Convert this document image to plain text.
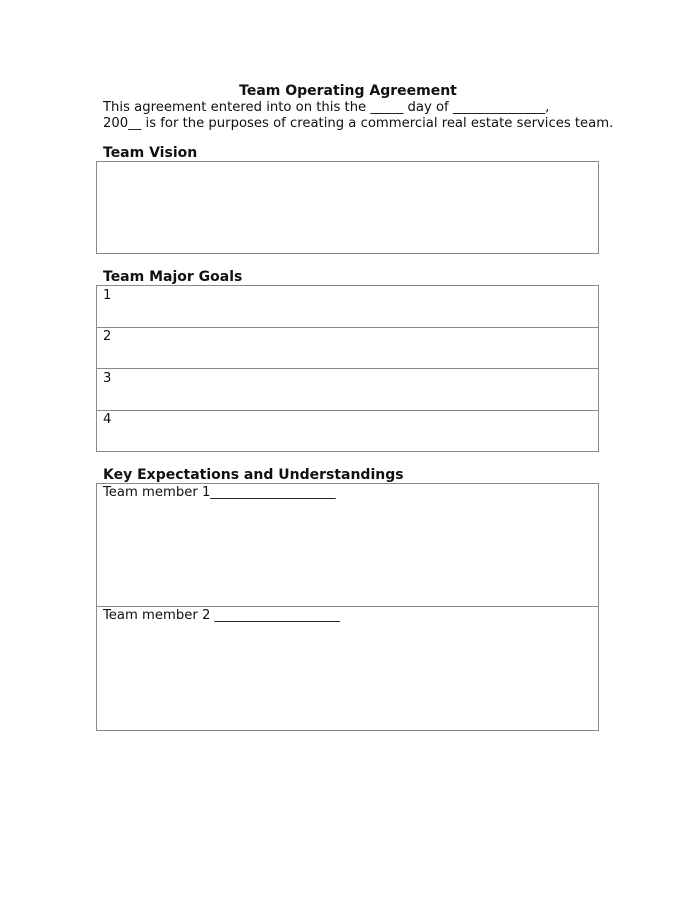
Team Operating Agreement
This agreement entered into on this the _____ day of ______________,
200__ is for the purposes of creating a commercial real estate services team.
Team Vision
Team Major Goals
1
2
3
4
Key Expectations and Understandings
Team member 1___________________
Team member 2 ___________________
